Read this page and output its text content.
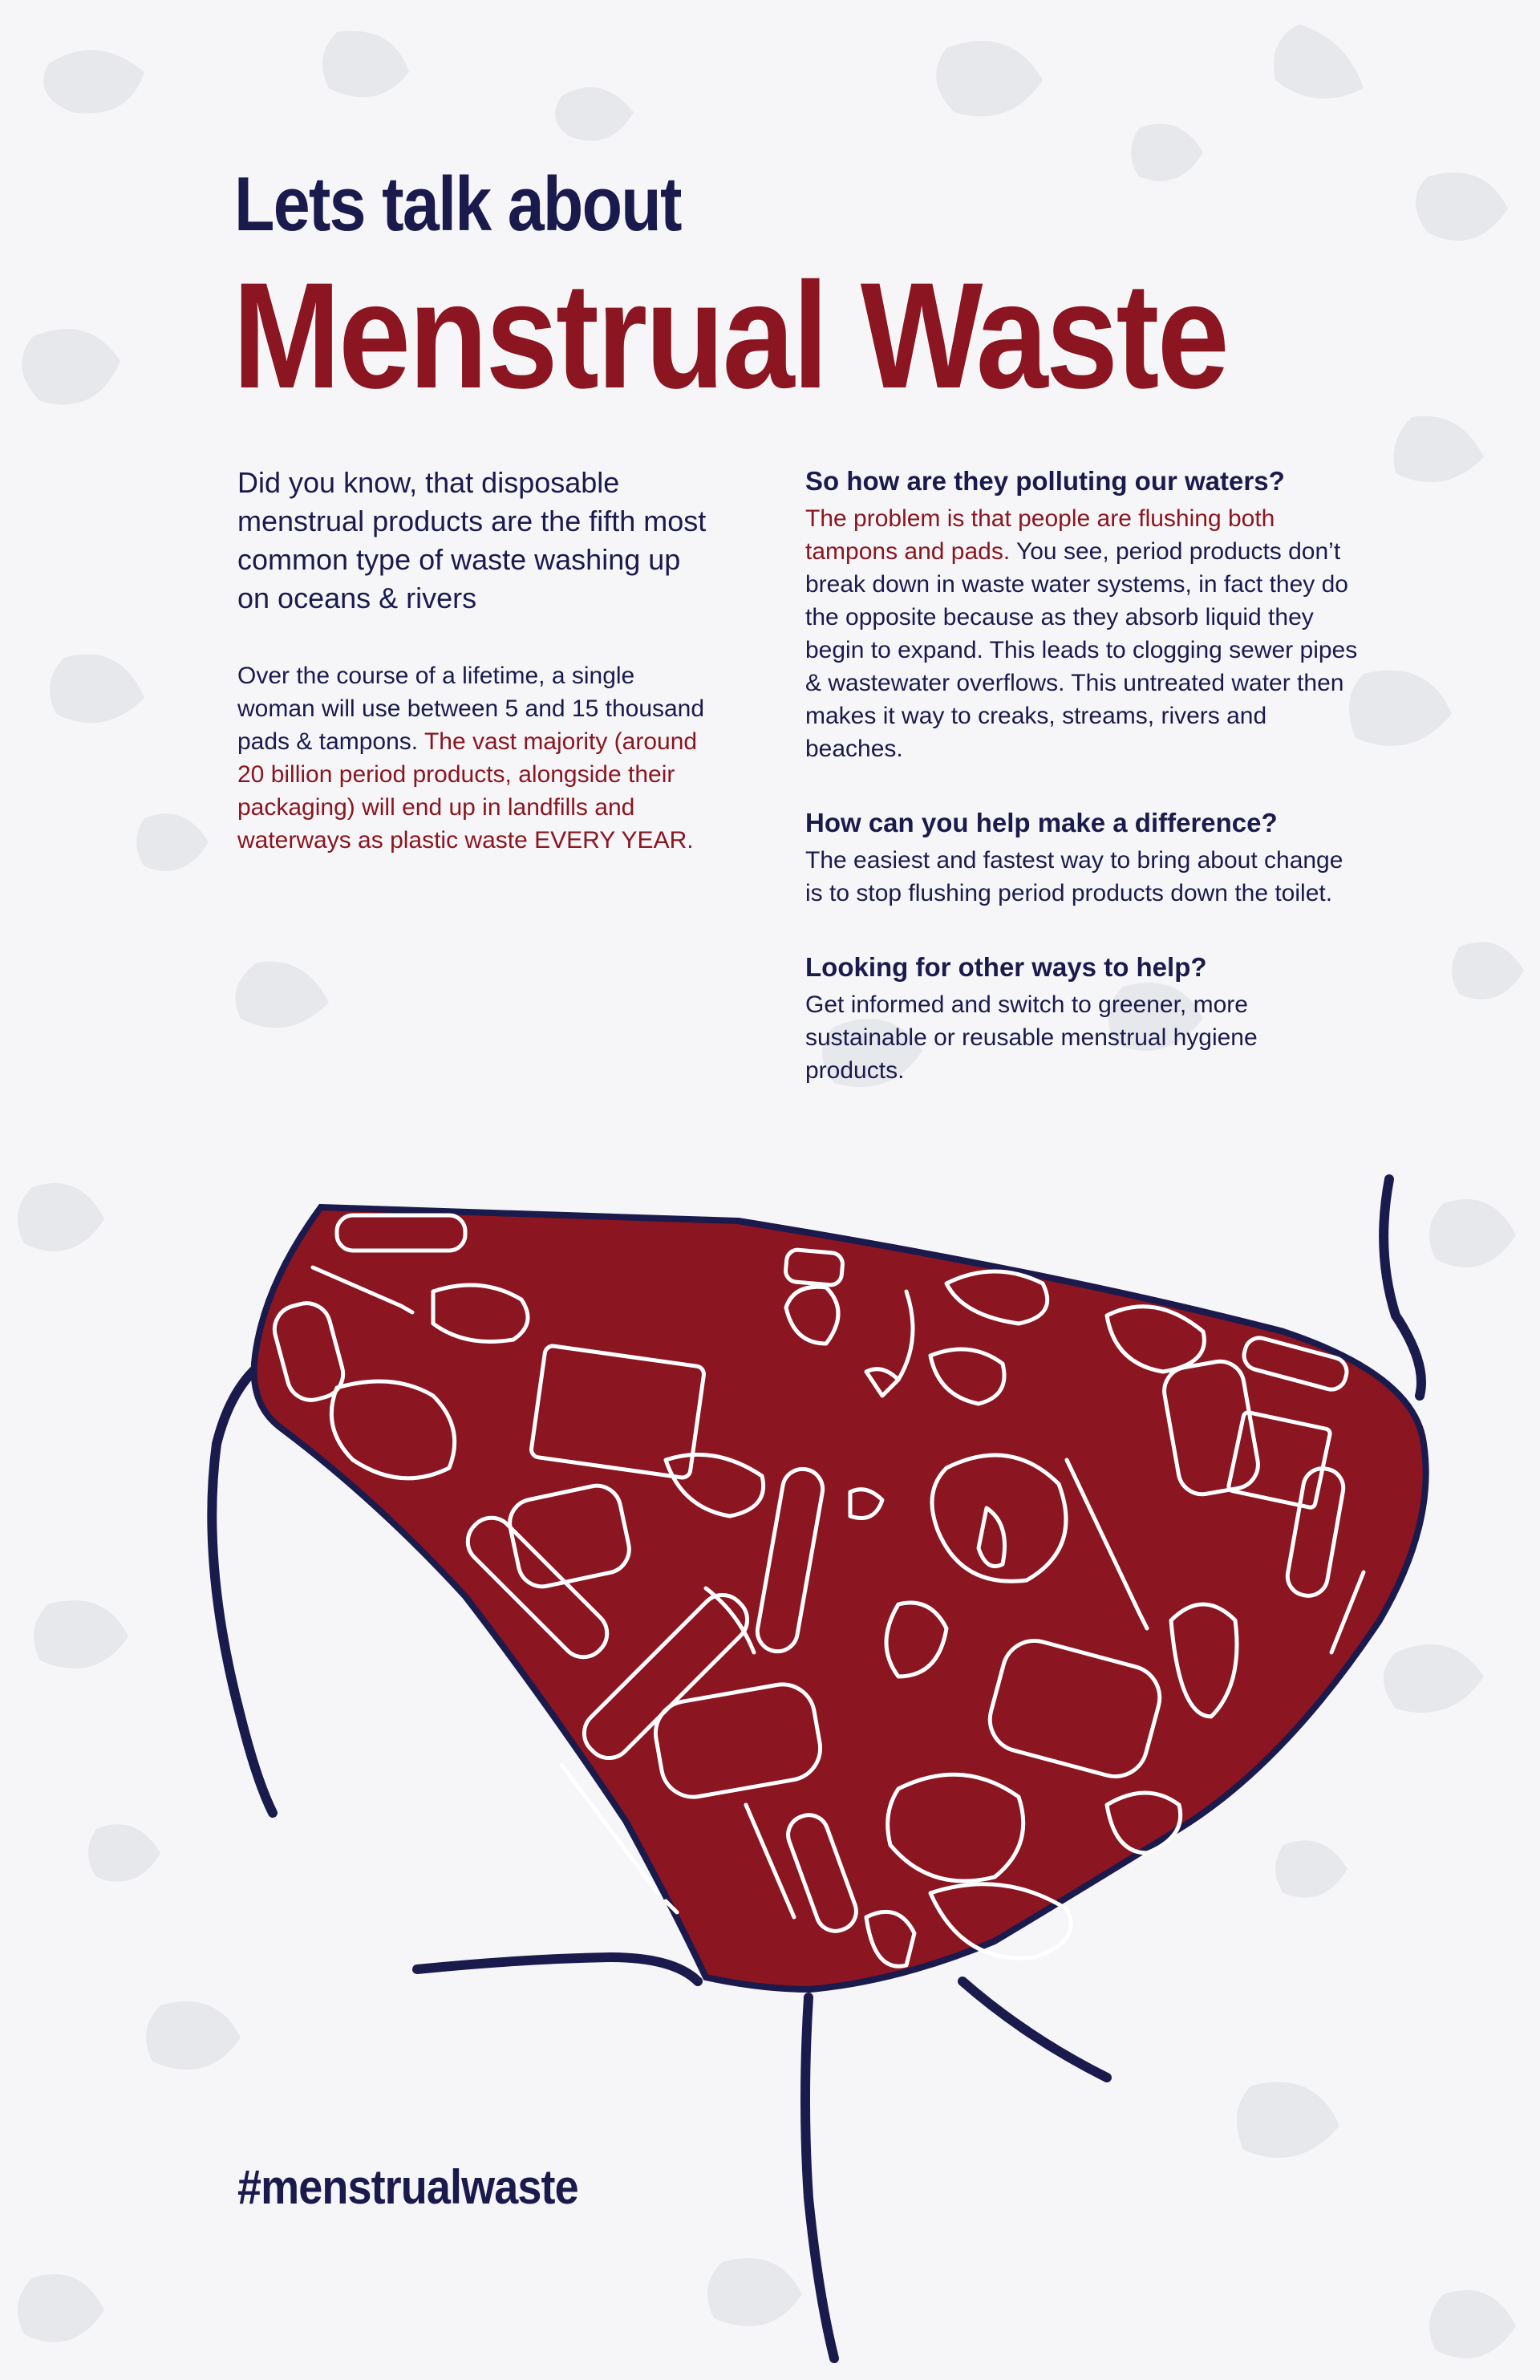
Lets talk about
Menstrual Waste

Did you know, that disposable menstrual products are the fifth most common type of waste washing up on oceans & rivers

Over the course of a lifetime, a single woman will use between 5 and 15 thousand pads & tampons. The vast majority (around 20 billion period products, alongside their packaging) will end up in landfills and waterways as plastic waste EVERY YEAR.

So how are they polluting our waters?

The problem is that people are flushing both tampons and pads. You see, period products don’t break down in waste water systems, in fact they do the opposite because as they absorb liquid they begin to expand. This leads to clogging sewer pipes & wastewater overflows. This untreated water then makes it way to creaks, streams, rivers and beaches.

How can you help make a difference?

The easiest and fastest way to bring about change is to stop flushing period products down the toilet.

Looking for other ways to help?

Get informed and switch to greener, more sustainable or reusable menstrual hygiene products.

#menstrualwaste
